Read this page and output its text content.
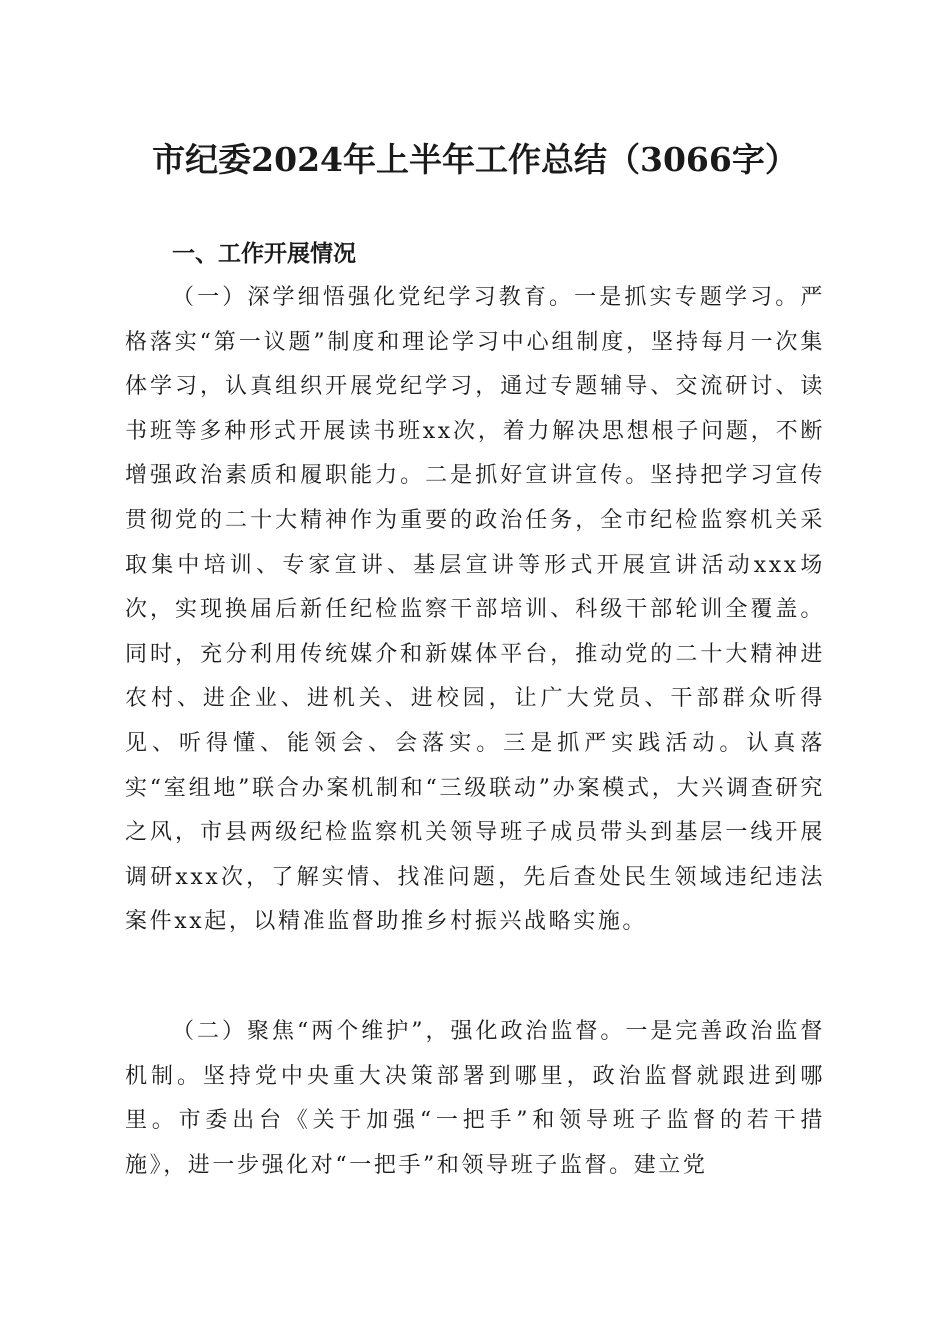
市纪委2024年上半年工作总结（3066字）
一、工作开展情况

（一）深学细悟强化党纪学习教育。一是抓实专题学习。严格落实“第一议题”制度和理论学习中心组制度，坚持每月一次集体学习，认真组织开展党纪学习，通过专题辅导、交流研讨、读书班等多种形式开展读书班xx次，着力解决思想根子问题，不断增强政治素质和履职能力。二是抓好宣讲宣传。坚持把学习宣传贯彻党的二十大精神作为重要的政治任务，全市纪检监察机关采取集中培训、专家宣讲、基层宣讲等形式开展宣讲活动xxx场次，实现换届后新任纪检监察干部培训、科级干部轮训全覆盖。同时，充分利用传统媒介和新媒体平台，推动党的二十大精神进农村、进企业、进机关、进校园，让广大党员、干部群众听得见、听得懂、能领会、会落实。三是抓严实践活动。认真落实“室组地”联合办案机制和“三级联动”办案模式，大兴调查研究之风，市县两级纪检监察机关领导班子成员带头到基层一线开展调研xxx次，了解实情、找准问题，先后查处民生领域违纪违法案件xx起，以精准监督助推乡村振兴战略实施。

（二）聚焦“两个维护”，强化政治监督。一是完善政治监督机制。坚持党中央重大决策部署到哪里，政治监督就跟进到哪里。市委出台《关于加强“一把手”和领导班子监督的若干措施》，进一步强化对“一把手”和领导班子监督。建立党
